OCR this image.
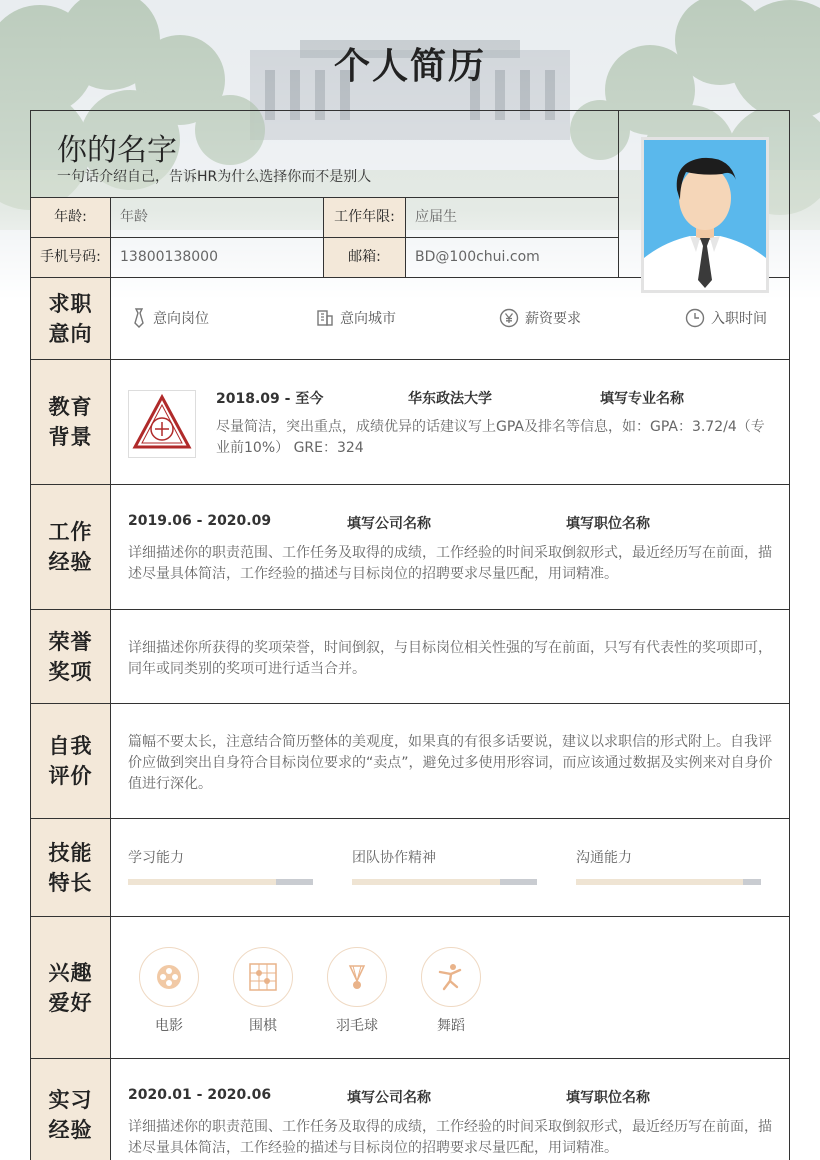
个人简历
你的名字
一句话介绍自己，告诉HR为什么选择你而不是别人
年龄:	年龄	工作年限:	应届生
手机号码:	13800138000	邮箱:	BD@100chui.com
求职
意向
意向岗位	意向城市	薪资要求	入职时间
教育
背景
2018.09 - 至今	华东政法大学	填写专业名称
尽量简洁，突出重点，成绩优异的话建议写上GPA及排名等信息，如：GPA：3.72/4（专业前10%） GRE：324
工作
经验
2019.06 - 2020.09	填写公司名称	填写职位名称
详细描述你的职责范围、工作任务及取得的成绩，工作经验的时间采取倒叙形式，最近经历写在前面，描述尽量具体简洁，工作经验的描述与目标岗位的招聘要求尽量匹配，用词精准。
荣誉
奖项
详细描述你所获得的奖项荣誉，时间倒叙，与目标岗位相关性强的写在前面，只写有代表性的奖项即可，同年或同类别的奖项可进行适当合并。
自我
评价
篇幅不要太长，注意结合简历整体的美观度，如果真的有很多话要说，建议以求职信的形式附上。自我评价应做到突出自身符合目标岗位要求的“卖点”，避免过多使用形容词，而应该通过数据及实例来对自身价值进行深化。
技能
特长
学习能力	团队协作精神	沟通能力
兴趣
爱好
电影	围棋	羽毛球	舞蹈
实习
经验
2020.01 - 2020.06	填写公司名称	填写职位名称
详细描述你的职责范围、工作任务及取得的成绩，工作经验的时间采取倒叙形式，最近经历写在前面，描述尽量具体简洁，工作经验的描述与目标岗位的招聘要求尽量匹配，用词精准。
